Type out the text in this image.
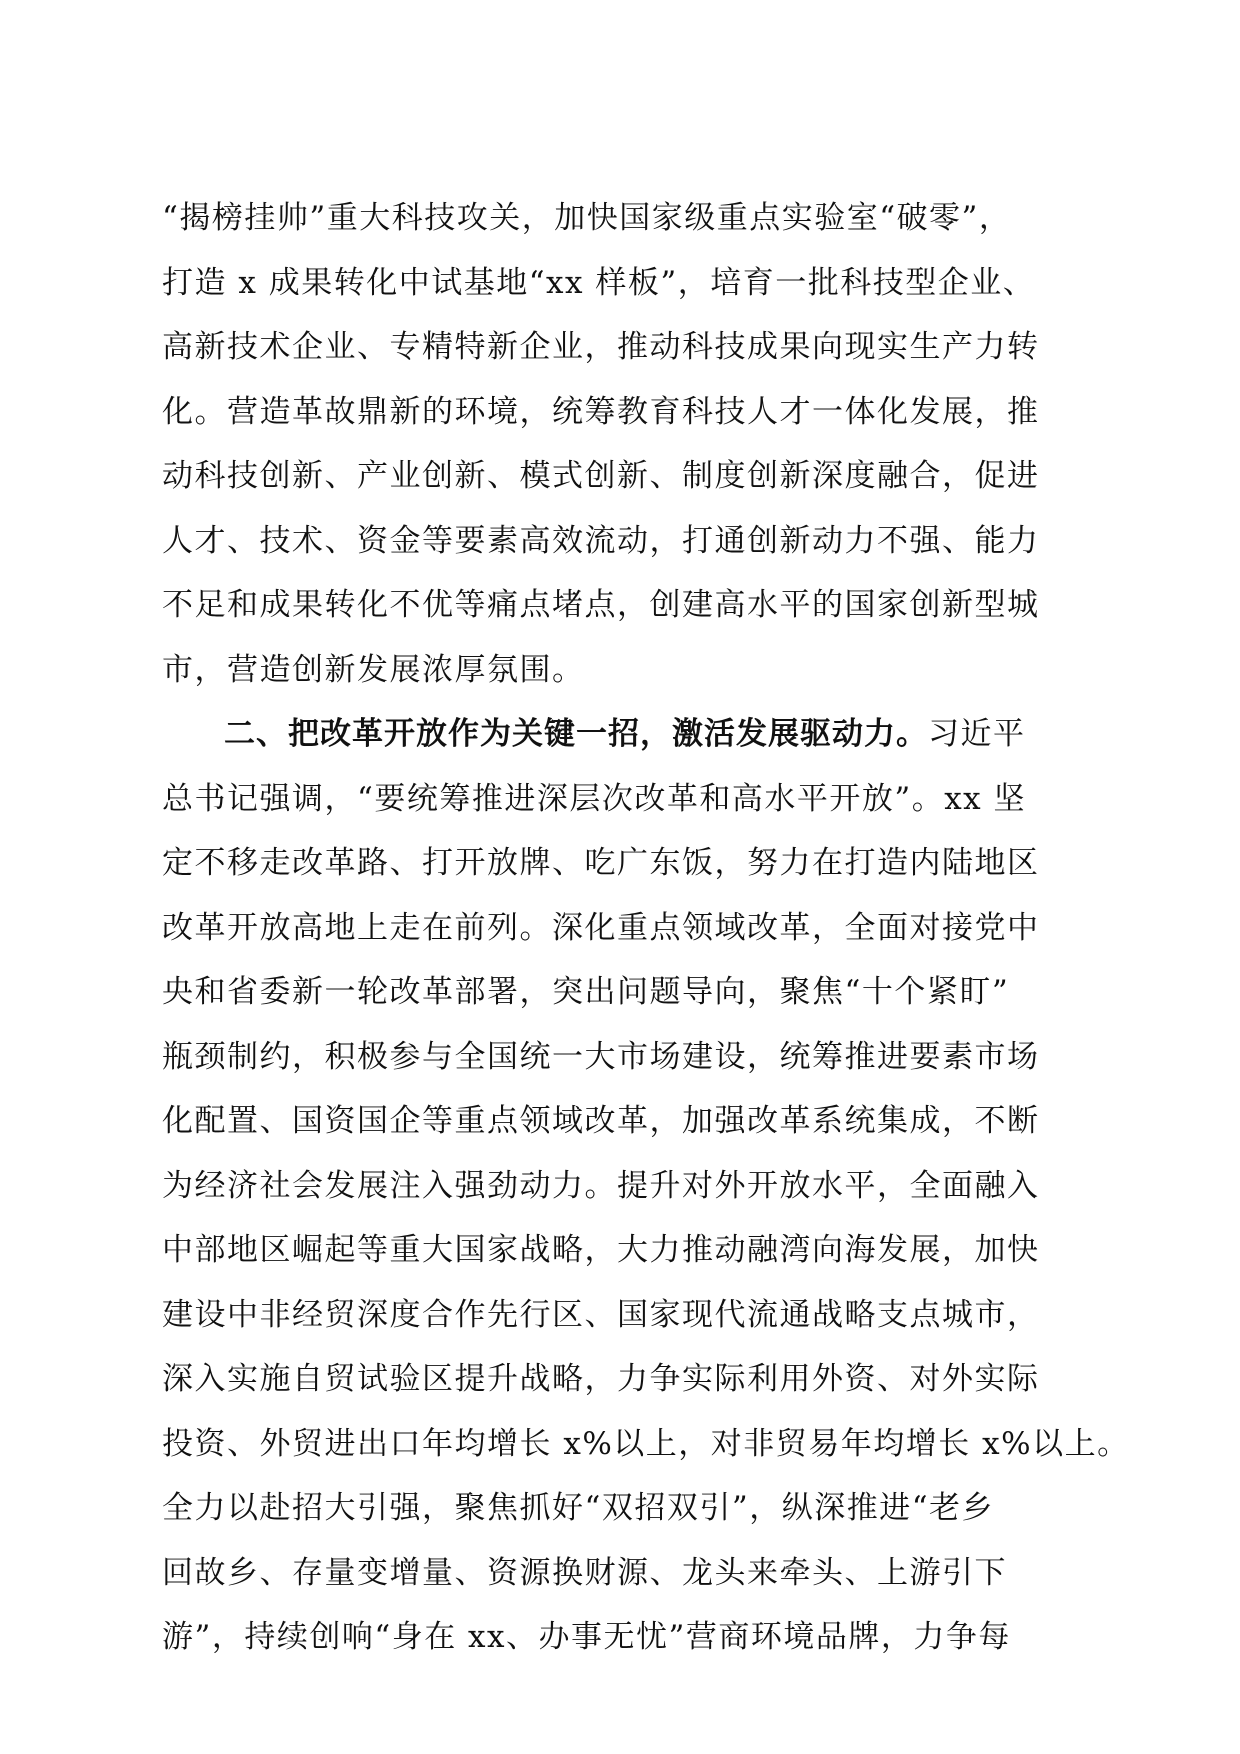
“揭榜挂帅”重大科技攻关，加快国家级重点实验室“破零”，
打造 x 成果转化中试基地“xx 样板”，培育一批科技型企业、
高新技术企业、专精特新企业，推动科技成果向现实生产力转
化。营造革故鼎新的环境，统筹教育科技人才一体化发展，推
动科技创新、产业创新、模式创新、制度创新深度融合，促进
人才、技术、资金等要素高效流动，打通创新动力不强、能力
不足和成果转化不优等痛点堵点，创建高水平的国家创新型城
市，营造创新发展浓厚氛围。
二、把改革开放作为关键一招，激活发展驱动力。习近平
总书记强调，“要统筹推进深层次改革和高水平开放”。xx 坚
定不移走改革路、打开放牌、吃广东饭，努力在打造内陆地区
改革开放高地上走在前列。深化重点领域改革，全面对接党中
央和省委新一轮改革部署，突出问题导向，聚焦“十个紧盯”
瓶颈制约，积极参与全国统一大市场建设，统筹推进要素市场
化配置、国资国企等重点领域改革，加强改革系统集成，不断
为经济社会发展注入强劲动力。提升对外开放水平，全面融入
中部地区崛起等重大国家战略，大力推动融湾向海发展，加快
建设中非经贸深度合作先行区、国家现代流通战略支点城市，
深入实施自贸试验区提升战略，力争实际利用外资、对外实际
投资、外贸进出口年均增长 x%以上，对非贸易年均增长 x%以上。
全力以赴招大引强，聚焦抓好“双招双引”，纵深推进“老乡
回故乡、存量变增量、资源换财源、龙头来牵头、上游引下
游”，持续创响“身在 xx、办事无忧”营商环境品牌，力争每
